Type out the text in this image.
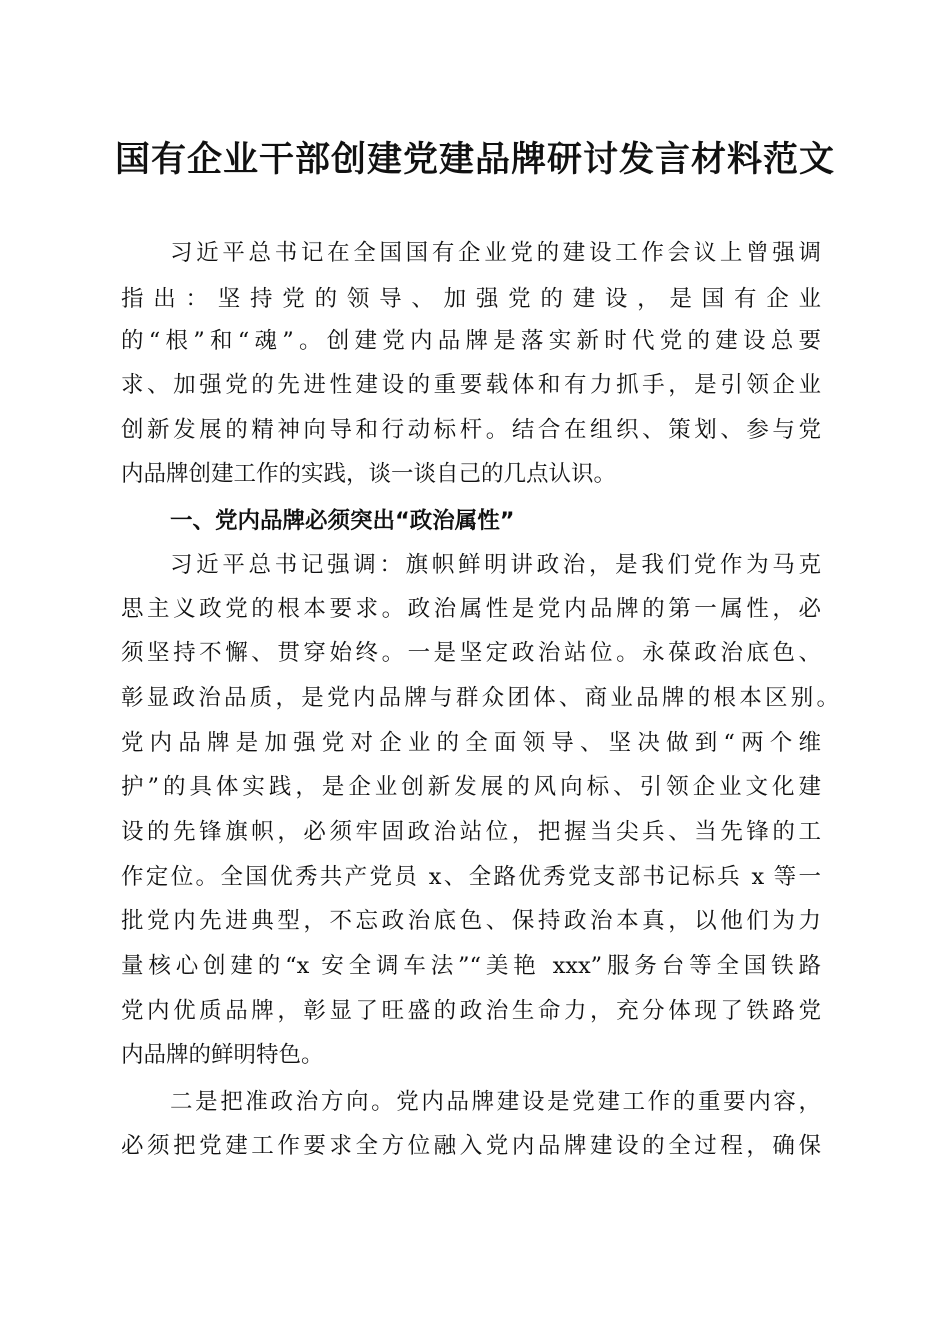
国有企业干部创建党建品牌研讨发言材料范文
习近平总书记在全国国有企业党的建设工作会议上曾强调
指出：坚持党的领导、加强党的建设，是国有企业
的“根”和“魂”。创建党内品牌是落实新时代党的建设总要
求、加强党的先进性建设的重要载体和有力抓手，是引领企业
创新发展的精神向导和行动标杆。结合在组织、策划、参与党
内品牌创建工作的实践，谈一谈自己的几点认识。
一、党内品牌必须突出“政治属性”
习近平总书记强调：旗帜鲜明讲政治，是我们党作为马克
思主义政党的根本要求。政治属性是党内品牌的第一属性，必
须坚持不懈、贯穿始终。一是坚定政治站位。永葆政治底色、
彰显政治品质，是党内品牌与群众团体、商业品牌的根本区别。
党内品牌是加强党对企业的全面领导、坚决做到“两个维
护”的具体实践，是企业创新发展的风向标、引领企业文化建
设的先锋旗帜，必须牢固政治站位，把握当尖兵、当先锋的工
作定位。全国优秀共产党员 x、全路优秀党支部书记标兵 x 等一
批党内先进典型，不忘政治底色、保持政治本真，以他们为力
量核心创建的“x 安全调车法”“美艳 xxx”服务台等全国铁路
党内优质品牌，彰显了旺盛的政治生命力，充分体现了铁路党
内品牌的鲜明特色。
二是把准政治方向。党内品牌建设是党建工作的重要内容，
必须把党建工作要求全方位融入党内品牌建设的全过程，确保
